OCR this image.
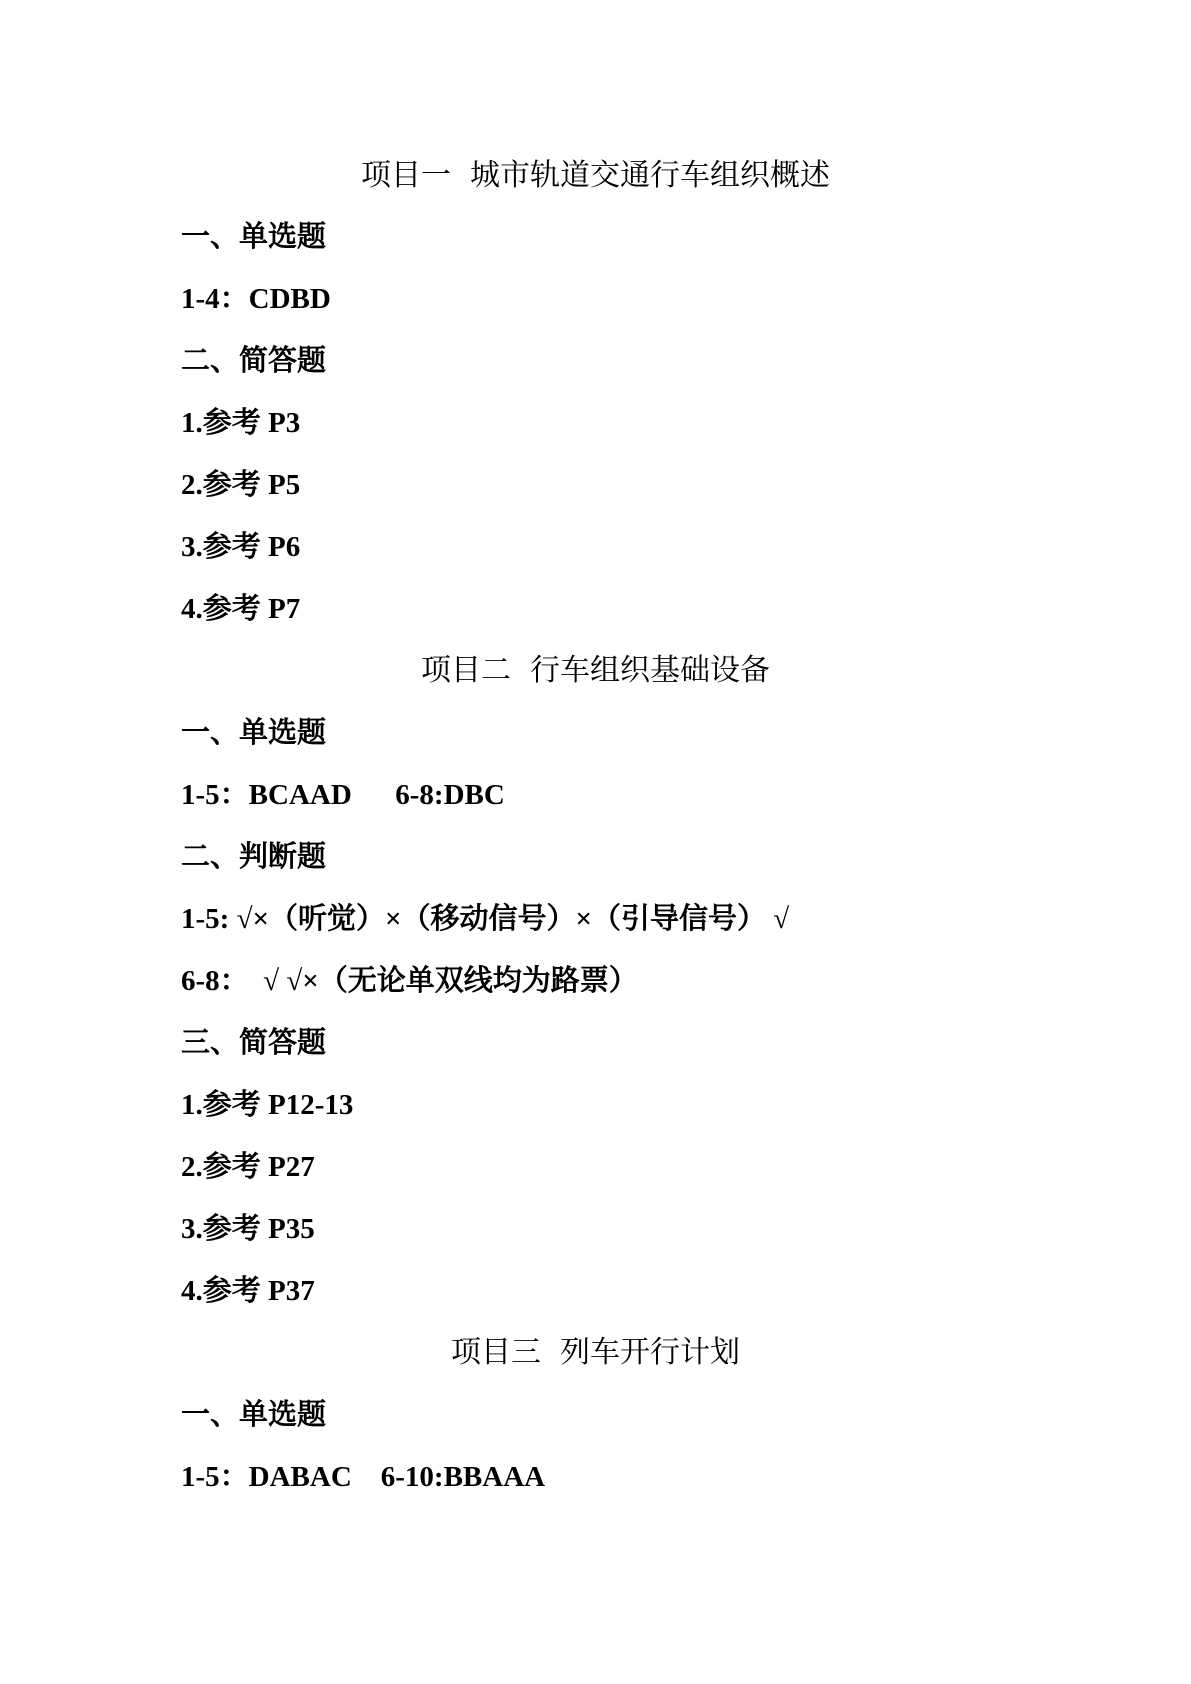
项目一  城市轨道交通行车组织概述
一、单选题
1-4：CDBD
二、简答题
1.参考 P3
2.参考 P5
3.参考 P6
4.参考 P7
项目二  行车组织基础设备
一、单选题
1-5：BCAAD      6-8:DBC
二、判断题
1-5: √×（听觉）×（移动信号）×（引导信号） √
6-8：  √ √×（无论单双线均为路票）
三、简答题
1.参考 P12-13
2.参考 P27
3.参考 P35
4.参考 P37
项目三  列车开行计划
一、单选题
1-5：DABAC    6-10:BBAAA
